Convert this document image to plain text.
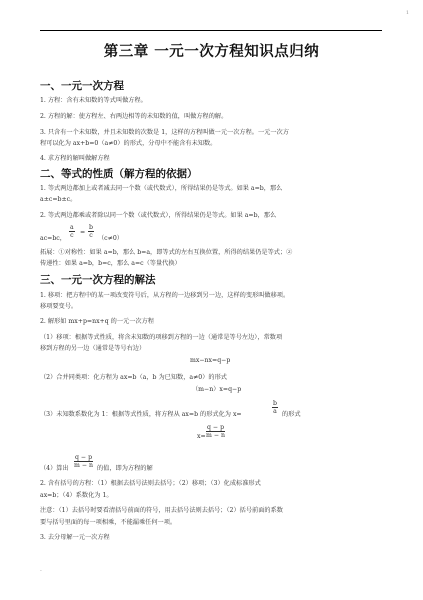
1
第三章 一元一次方程知识点归纳
一、一元一次方程
1. 方程：含有未知数的等式叫做方程。
2. 方程的解：使方程左、右两边相等的未知数的值，叫做方程的解。
3. 只含有一个未知数，并且未知数的次数是 1，这样的方程叫做一元一次方程。一元一次方
程可以化为 ax+b=0（a≠0）的形式，分母中不能含有未知数。
4. 求方程的解叫做解方程
二、等式的性质（解方程的依据）
1. 等式两边都加上或者减去同一个数（或代数式），所得结果仍是等式。如果 a=b，那么
a±c=b±c。
2. 等式两边都乘或者除以同一个数（或代数式），所得结果仍是等式。如果 a=b，那么
ac=bc， $\frac{a}{c} = \frac{b}{c} (c\ne 0)$
拓展：①对称性：如果 a=b，那么 b=a，即等式的左右互换位置，所得的结果仍是等式；②
传递性：如果 a=b，b=c，那么 a=c（等量代换）
三、一元一次方程的解法
1. 移项：把方程中的某一项改变符号后，从方程的一边移到另一边，这样的变形叫做移项。
移项要变号。
2. 解形如 mx+p=nx+q 的一元一次方程
（1）移项：根据等式性质，将含未知数的项移到方程的一边（通常是等号左边），常数项
移到方程的另一边（通常是等号右边）
mx−nx=q−p
（2）合并同类项：化方程为 ax=b（a，b 为已知数，a≠0）的形式
（m−n）x=q−p
（3）未知数系数化为 1：根据等式性质，将方程从 ax=b 的形式化为 x=	$\frac{b}{a}$ 的形式
$x= \frac{q - p}{m - n}$
（4）算出 $\frac{q - p}{m - n}$ 的值，即为方程的解
2. 含有括号的方程：（1）根据去括号法则去括号；（2）移项；（3）化成标准形式
ax=b；（4）系数化为 1。
注意：（1）去括号时要看清括号前面的符号，用去括号法则去括号；（2）括号前面的系数
要与括号里面的每一项相乘，不能漏乘任何一项。
3. 去分母解一元一次方程
·
